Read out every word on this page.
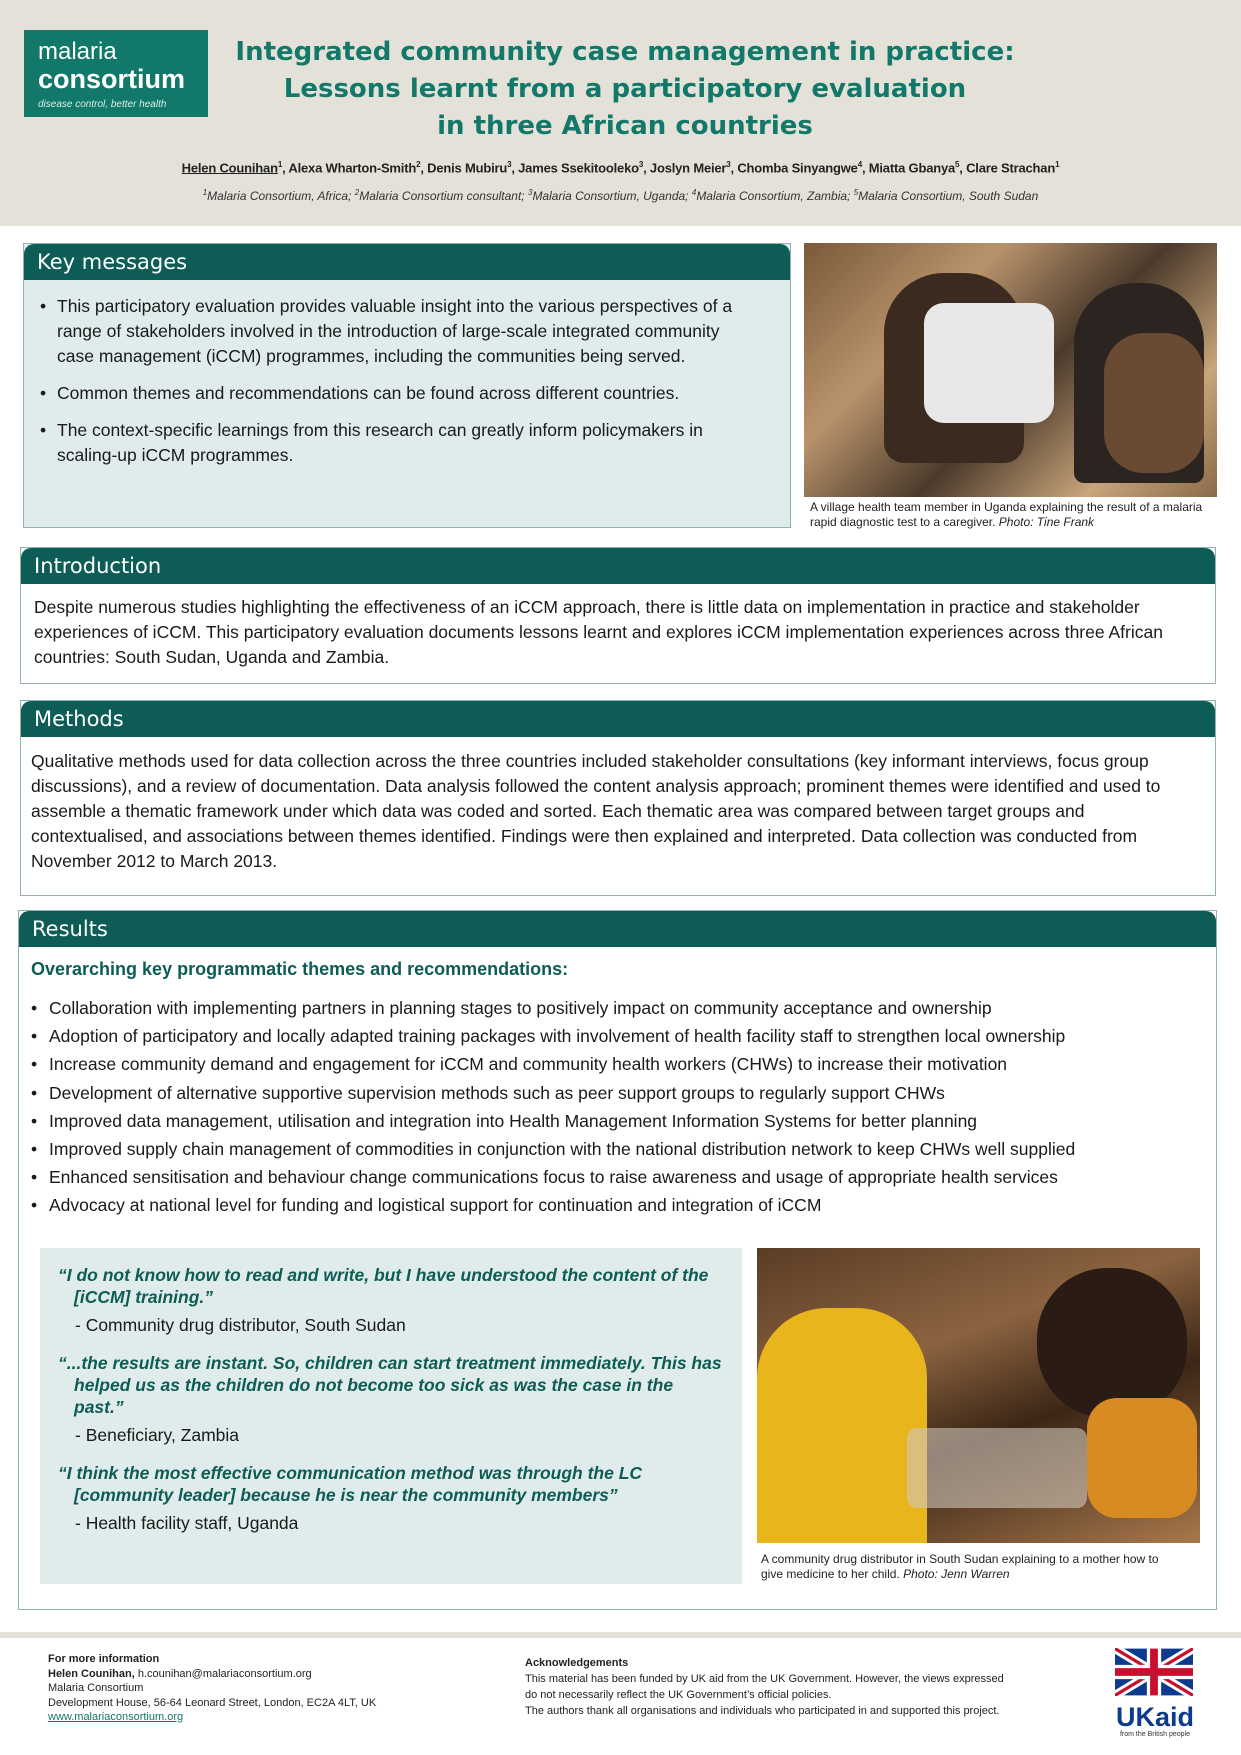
malaria
consortium
disease control, better health
Integrated community case management in practice:
Lessons learnt from a participatory evaluation
in three African countries
Helen Counihan$^1$, Alexa Wharton-Smith$^2$, Denis Mubiru$^3$, James Ssekitooleko$^3$, Joslyn Meier$^3$, Chomba Sinyangwe$^4$, Miatta Gbanya$^5$, Clare Strachan$^1$
$^1$Malaria Consortium, Africa; $^2$Malaria Consortium consultant; $^3$Malaria Consortium, Uganda; $^4$Malaria Consortium, Zambia; $^5$Malaria Consortium, South Sudan
Key messages
• This participatory evaluation provides valuable insight into the various perspectives of a range of stakeholders involved in the introduction of large-scale integrated community case management (iCCM) programmes, including the communities being served.
• Common themes and recommendations can be found across different countries.
• The context-specific learnings from this research can greatly inform policymakers in scaling-up iCCM programmes.
A village health team member in Uganda explaining the result of a malaria rapid diagnostic test to a caregiver. Photo: Tine Frank
Introduction
Despite numerous studies highlighting the effectiveness of an iCCM approach, there is little data on implementation in practice and stakeholder experiences of iCCM. This participatory evaluation documents lessons learnt and explores iCCM implementation experiences across three African countries: South Sudan, Uganda and Zambia.
Methods
Qualitative methods used for data collection across the three countries included stakeholder consultations (key informant interviews, focus group discussions), and a review of documentation. Data analysis followed the content analysis approach; prominent themes were identified and used to assemble a thematic framework under which data was coded and sorted. Each thematic area was compared between target groups and contextualised, and associations between themes identified. Findings were then explained and interpreted. Data collection was conducted from November 2012 to March 2013.
Results
Overarching key programmatic themes and recommendations:
• Collaboration with implementing partners in planning stages to positively impact on community acceptance and ownership
• Adoption of participatory and locally adapted training packages with involvement of health facility staff to strengthen local ownership
• Increase community demand and engagement for iCCM and community health workers (CHWs) to increase their motivation
• Development of alternative supportive supervision methods such as peer support groups to regularly support CHWs
• Improved data management, utilisation and integration into Health Management Information Systems for better planning
• Improved supply chain management of commodities in conjunction with the national distribution network to keep CHWs well supplied
• Enhanced sensitisation and behaviour change communications focus to raise awareness and usage of appropriate health services
• Advocacy at national level for funding and logistical support for continuation and integration of iCCM
“I do not know how to read and write, but I have understood the content of the [iCCM] training.”
- Community drug distributor, South Sudan
“...the results are instant. So, children can start treatment immediately. This has helped us as the children do not become too sick as was the case in the past.”
- Beneficiary, Zambia
“I think the most effective communication method was through the LC [community leader] because he is near the community members”
- Health facility staff, Uganda
A community drug distributor in South Sudan explaining to a mother how to give medicine to her child. Photo: Jenn Warren
For more information
Helen Counihan, h.counihan@malariaconsortium.org
Malaria Consortium
Development House, 56-64 Leonard Street, London, EC2A 4LT, UK
www.malariaconsortium.org
Acknowledgements
This material has been funded by UK aid from the UK Government. However, the views expressed
do not necessarily reflect the UK Government’s official policies.
The authors thank all organisations and individuals who participated in and supported this project.	UKaid
from the British people
